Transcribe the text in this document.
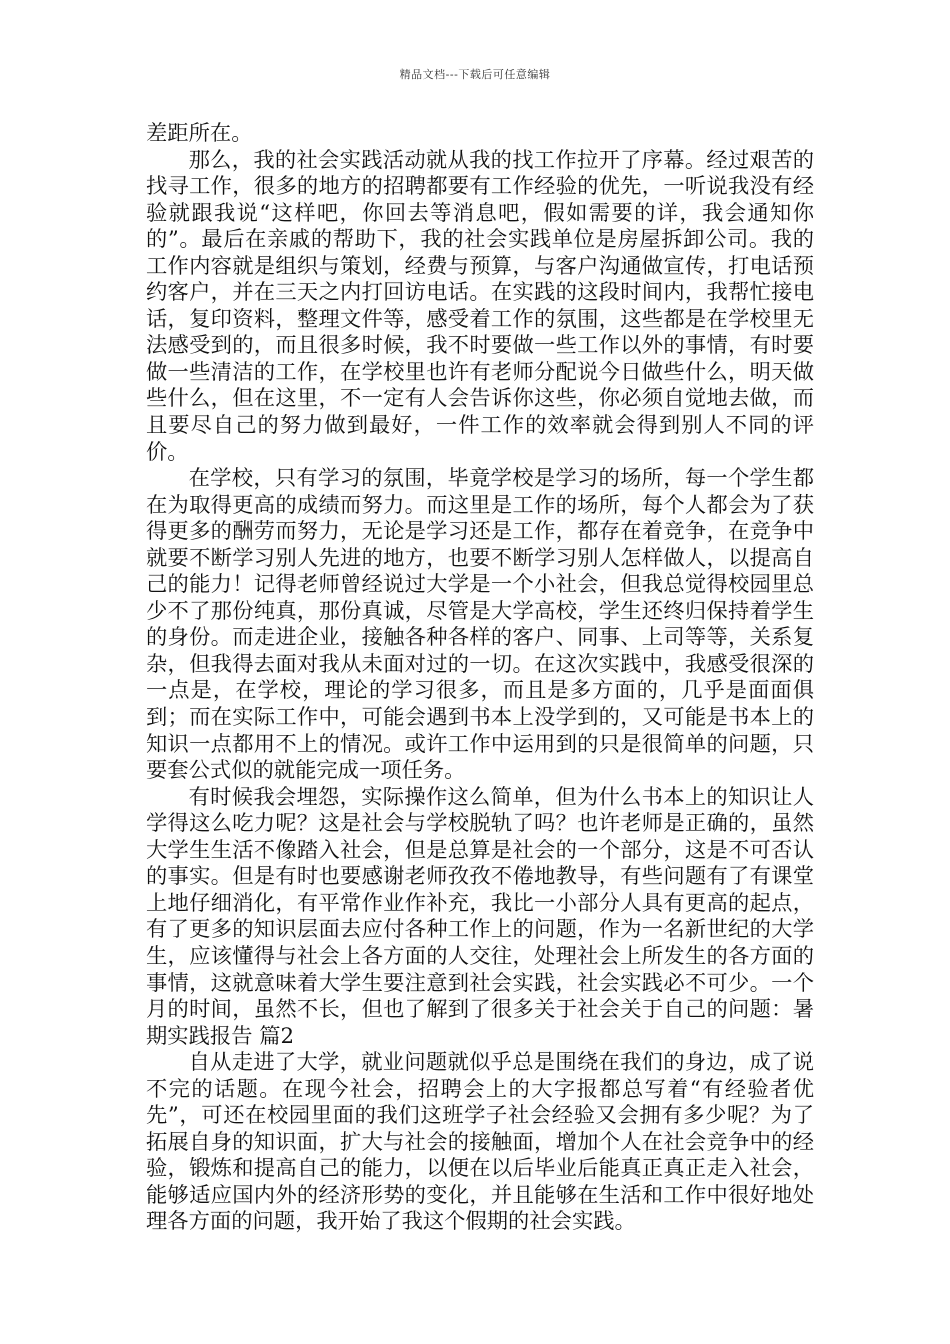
精品文档---下载后可任意编辑

差距所在。

那么，我的社会实践活动就从我的找工作拉开了序幕。经过艰苦的找寻工作，很多的地方的招聘都要有工作经验的优先，一听说我没有经验就跟我说“这样吧，你回去等消息吧，假如需要的详，我会通知你的”。最后在亲戚的帮助下，我的社会实践单位是房屋拆卸公司。我的工作内容就是组织与策划，经费与预算，与客户沟通做宣传，打电话预约客户，并在三天之内打回访电话。在实践的这段时间内，我帮忙接电话，复印资料，整理文件等，感受着工作的氛围，这些都是在学校里无法感受到的，而且很多时候，我不时要做一些工作以外的事情，有时要做一些清洁的工作，在学校里也许有老师分配说今日做些什么，明天做些什么，但在这里，不一定有人会告诉你这些，你必须自觉地去做，而且要尽自己的努力做到最好，一件工作的效率就会得到别人不同的评价。

在学校，只有学习的氛围，毕竟学校是学习的场所，每一个学生都在为取得更高的成绩而努力。而这里是工作的场所，每个人都会为了获得更多的酬劳而努力，无论是学习还是工作，都存在着竞争，在竞争中就要不断学习别人先进的地方，也要不断学习别人怎样做人，以提高自己的能力！记得老师曾经说过大学是一个小社会，但我总觉得校园里总少不了那份纯真，那份真诚，尽管是大学高校，学生还终归保持着学生的身份。而走进企业，接触各种各样的客户、同事、上司等等，关系复杂，但我得去面对我从未面对过的一切。在这次实践中，我感受很深的一点是，在学校，理论的学习很多，而且是多方面的，几乎是面面俱到；而在实际工作中，可能会遇到书本上没学到的，又可能是书本上的知识一点都用不上的情况。或许工作中运用到的只是很简单的问题，只要套公式似的就能完成一项任务。

有时候我会埋怨，实际操作这么简单，但为什么书本上的知识让人学得这么吃力呢？这是社会与学校脱轨了吗？也许老师是正确的，虽然大学生生活不像踏入社会，但是总算是社会的一个部分，这是不可否认的事实。但是有时也要感谢老师孜孜不倦地教导，有些问题有了有课堂上地仔细消化，有平常作业作补充，我比一小部分人具有更高的起点，有了更多的知识层面去应付各种工作上的问题，作为一名新世纪的大学生，应该懂得与社会上各方面的人交往，处理社会上所发生的各方面的事情，这就意味着大学生要注意到社会实践，社会实践必不可少。一个月的时间，虽然不长，但也了解到了很多关于社会关于自己的问题：暑期实践报告 篇2

自从走进了大学，就业问题就似乎总是围绕在我们的身边，成了说不完的话题。在现今社会，招聘会上的大字报都总写着“有经验者优先”，可还在校园里面的我们这班学子社会经验又会拥有多少呢？为了拓展自身的知识面，扩大与社会的接触面，增加个人在社会竞争中的经验，锻炼和提高自己的能力，以便在以后毕业后能真正真正走入社会，能够适应国内外的经济形势的变化，并且能够在生活和工作中很好地处理各方面的问题，我开始了我这个假期的社会实践。
